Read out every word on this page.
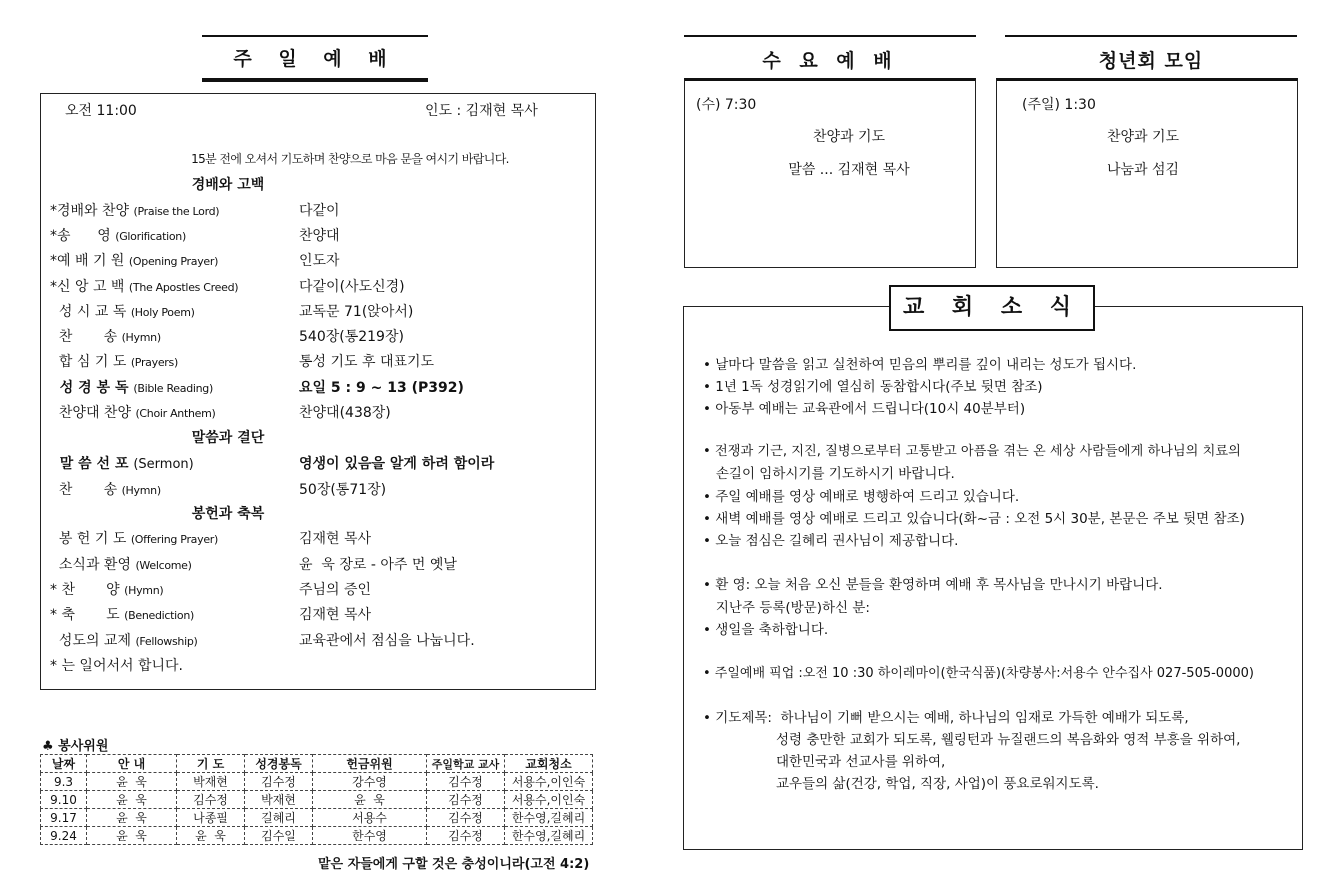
주 일 예 배
오전 11:00	인도 : 김재현 목사
15분 전에 오셔서 기도하며 찬양으로 마음 문을 여시기 바랍니다.
경배와 고백
말씀과 결단
봉헌과 축복
*경배와 찬양 (Praise the Lord)	다같이
*송      영 (Glorification)	찬양대
*예 배 기 원 (Opening Prayer)	인도자
*신 앙 고 백 (The Apostles Creed)	다같이(사도신경)
성 시 교 독 (Holy Poem)	교독문 71(앉아서)
찬       송 (Hymn)	540장(통219장)
합 심 기 도 (Prayers)	통성 기도 후 대표기도
성 경 봉 독 (Bible Reading)	요일 5 : 9 ~ 13 (P392)
찬양대 찬양 (Choir Anthem)	찬양대(438장)
말 씀 선 포 (Sermon)	영생이 있음을 알게 하려 함이라
찬       송 (Hymn)	50장(통71장)
봉 헌 기 도 (Offering Prayer)	김재현 목사
소식과 환영 (Welcome)	윤  욱 장로 - 아주 먼 옛날
* 찬       양 (Hymn)	주님의 증인
* 축       도 (Benediction)	김재현 목사
성도의 교제 (Fellowship)	교육관에서 점심을 나눕니다.
* 는 일어서서 합니다.
♣ 봉사위원
날짜	안 내	기 도	성경봉독	헌금위원	주일학교 교사	교회청소
9.3	윤  욱	박재현	김수정	강수영	김수정	서용수,이인숙
9.10	윤  욱	김수정	박재현	윤  욱	김수정	서용수,이인숙
9.17	윤  욱	나종필	길혜리	서용수	김수정	한수영,길혜리
9.24	윤  욱	윤  욱	김수일	한수영	김수정	한수영,길혜리
맡은 자들에게 구할 것은 충성이니라(고전 4:2)
수 요 예 배
(수) 7:30
찬양과 기도
말씀 ... 김재현 목사
청년회 모임
(주일) 1:30
찬양과 기도
나눔과 섬김
교 회 소 식
• 날마다 말씀을 읽고 실천하여 믿음의 뿌리를 깊이 내리는 성도가 됩시다.
• 1년 1독 성경읽기에 열심히 동참합시다(주보 뒷면 참조)
• 아동부 예배는 교육관에서 드립니다(10시 40분부터)
• 전쟁과 기근, 지진, 질병으로부터 고통받고 아픔을 겪는 온 세상 사람들에게 하나님의 치료의
손길이 임하시기를 기도하시기 바랍니다.
• 주일 예배를 영상 예배로 병행하여 드리고 있습니다.
• 새벽 예배를 영상 예배로 드리고 있습니다(화~금 : 오전 5시 30분, 본문은 주보 뒷면 참조)
• 오늘 점심은 길혜리 권사님이 제공합니다.
• 환 영: 오늘 처음 오신 분들을 환영하며 예배 후 목사님을 만나시기 바랍니다.
지난주 등록(방문)하신 분:
• 생일을 축하합니다.
• 주일예배 픽업 :오전 10 :30 하이레마이(한국식품)(차량봉사:서용수 안수집사 027-505-0000)
• 기도제목:  하나님이 기뻐 받으시는 예배, 하나님의 임재로 가득한 예배가 되도록,
성령 충만한 교회가 되도록, 웰링턴과 뉴질랜드의 복음화와 영적 부흥을 위하여,
대한민국과 선교사를 위하여,
교우들의 삶(건강, 학업, 직장, 사업)이 풍요로워지도록.
